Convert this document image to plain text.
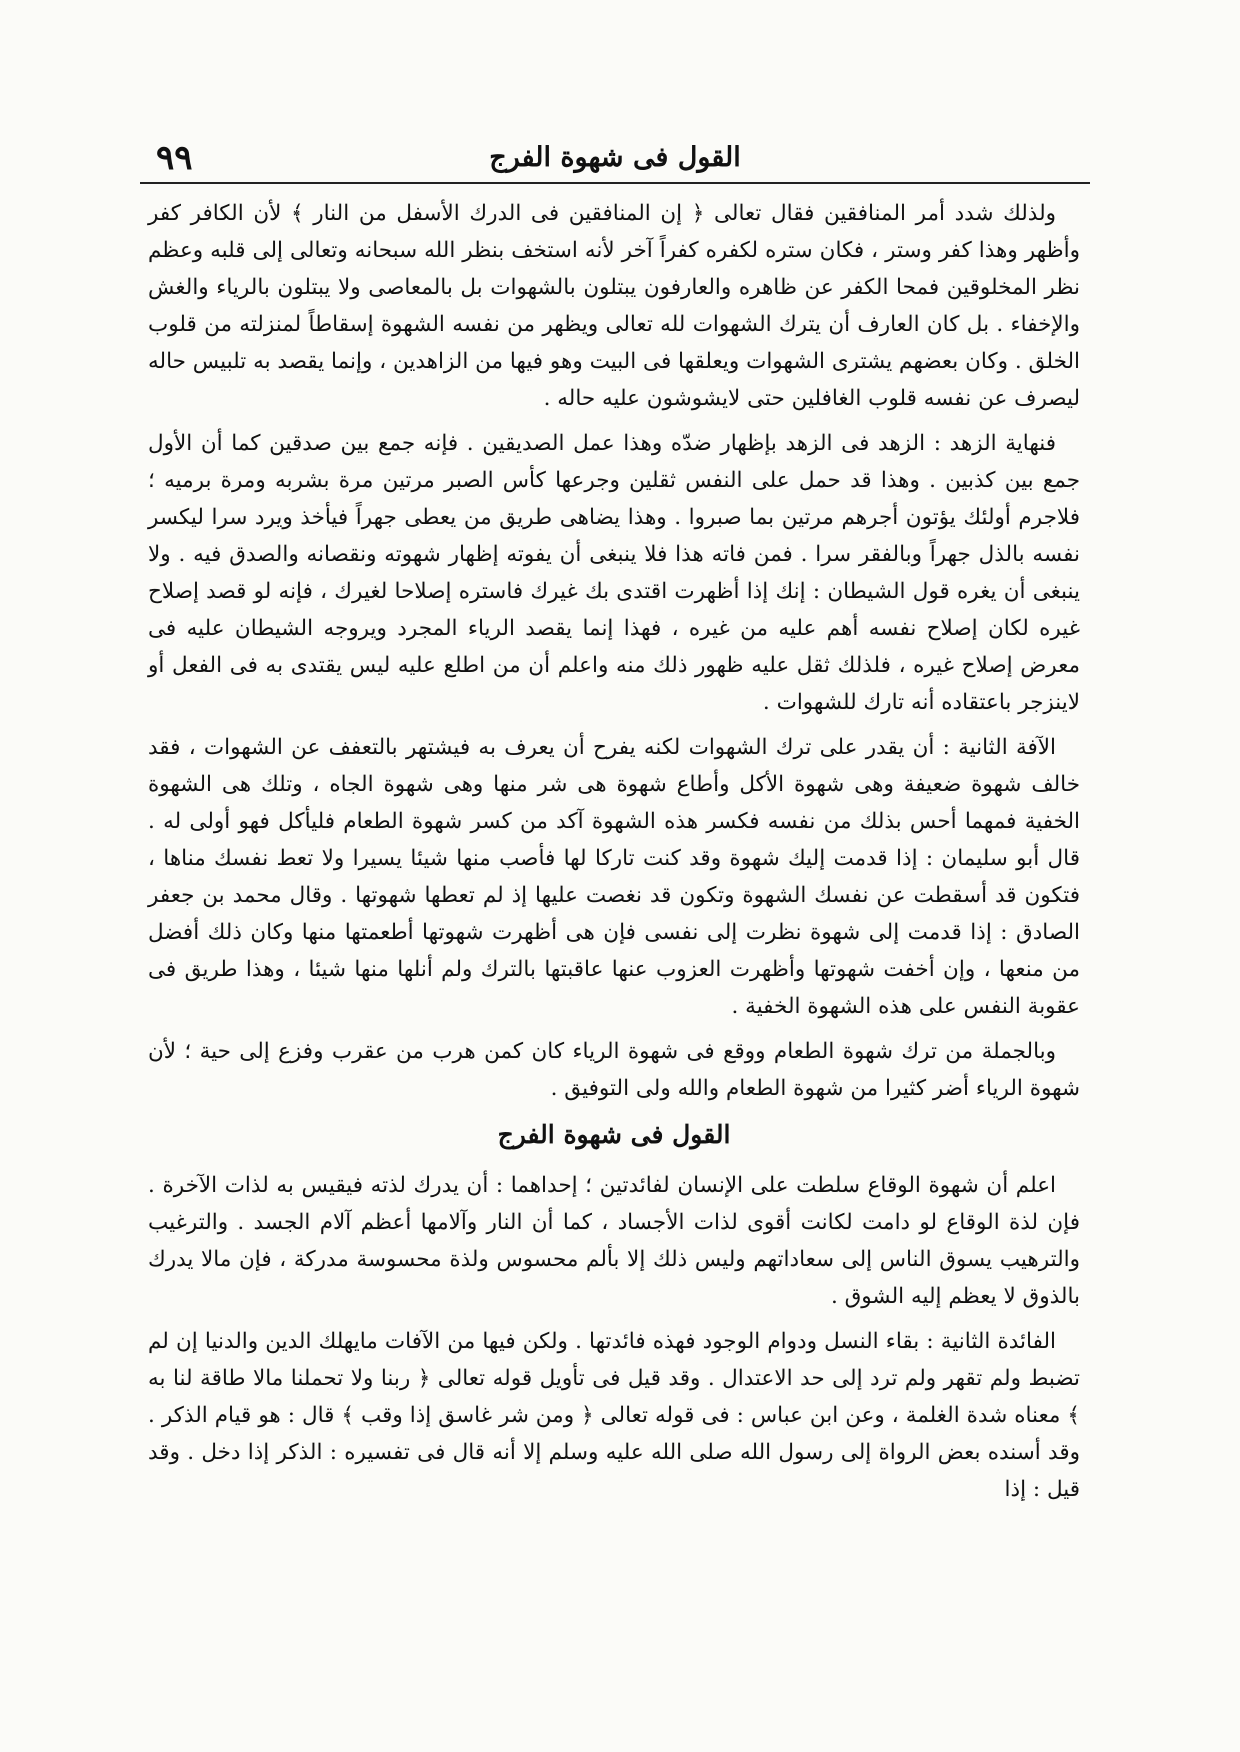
القول فى شهوة الفرج
٩٩

ولذلك شدد أمر المنافقين فقال تعالى ﴿ إن المنافقين فى الدرك الأسفل من النار ﴾ لأن الكافر كفر وأظهر وهذا كفر وستر ، فكان ستره لكفره كفراً آخر لأنه استخف بنظر الله سبحانه وتعالى إلى قلبه وعظم نظر المخلوقين فمحا الكفر عن ظاهره والعارفون يبتلون بالشهوات بل بالمعاصى ولا يبتلون بالرياء والغش والإخفاء . بل كان العارف أن يترك الشهوات لله تعالى ويظهر من نفسه الشهوة إسقاطاً لمنزلته من قلوب الخلق . وكان بعضهم يشترى الشهوات ويعلقها فى البيت وهو فيها من الزاهدين ، وإنما يقصد به تلبيس حاله ليصرف عن نفسه قلوب الغافلين حتى لايشوشون عليه حاله .

فنهاية الزهد : الزهد فى الزهد بإظهار ضدّه وهذا عمل الصديقين . فإنه جمع بين صدقين كما أن الأول جمع بين كذبين . وهذا قد حمل على النفس ثقلين وجرعها كأس الصبر مرتين مرة بشربه ومرة برميه ؛ فلاجرم أولئك يؤتون أجرهم مرتين بما صبروا . وهذا يضاهى طريق من يعطى جهراً فيأخذ ويرد سرا ليكسر نفسه بالذل جهراً وبالفقر سرا . فمن فاته هذا فلا ينبغى أن يفوته إظهار شهوته ونقصانه والصدق فيه . ولا ينبغى أن يغره قول الشيطان : إنك إذا أظهرت اقتدى بك غيرك فاستره إصلاحا لغيرك ، فإنه لو قصد إصلاح غيره لكان إصلاح نفسه أهم عليه من غيره ، فهذا إنما يقصد الرياء المجرد ويروجه الشيطان عليه فى معرض إصلاح غيره ، فلذلك ثقل عليه ظهور ذلك منه واعلم أن من اطلع عليه ليس يقتدى به فى الفعل أو لاينزجر باعتقاده أنه تارك للشهوات .

الآفة الثانية : أن يقدر على ترك الشهوات لكنه يفرح أن يعرف به فيشتهر بالتعفف عن الشهوات ، فقد خالف شهوة ضعيفة وهى شهوة الأكل وأطاع شهوة هى شر منها وهى شهوة الجاه ، وتلك هى الشهوة الخفية فمهما أحس بذلك من نفسه فكسر هذه الشهوة آكد من كسر شهوة الطعام فليأكل فهو أولى له . قال أبو سليمان : إذا قدمت إليك شهوة وقد كنت تاركا لها فأصب منها شيئا يسيرا ولا تعط نفسك مناها ، فتكون قد أسقطت عن نفسك الشهوة وتكون قد نغصت عليها إذ لم تعطها شهوتها . وقال محمد بن جعفر الصادق : إذا قدمت إلى شهوة نظرت إلى نفسى فإن هى أظهرت شهوتها أطعمتها منها وكان ذلك أفضل من منعها ، وإن أخفت شهوتها وأظهرت العزوب عنها عاقبتها بالترك ولم أنلها منها شيئا ، وهذا طريق فى عقوبة النفس على هذه الشهوة الخفية .

وبالجملة من ترك شهوة الطعام ووقع فى شهوة الرياء كان كمن هرب من عقرب وفزع إلى حية ؛ لأن شهوة الرياء أضر كثيرا من شهوة الطعام والله ولى التوفيق .

القول فى شهوة الفرج

اعلم أن شهوة الوقاع سلطت على الإنسان لفائدتين ؛ إحداهما : أن يدرك لذته فيقيس به لذات الآخرة . فإن لذة الوقاع لو دامت لكانت أقوى لذات الأجساد ، كما أن النار وآلامها أعظم آلام الجسد . والترغيب والترهيب يسوق الناس إلى سعاداتهم وليس ذلك إلا بألم محسوس ولذة محسوسة مدركة ، فإن مالا يدرك بالذوق لا يعظم إليه الشوق .

الفائدة الثانية : بقاء النسل ودوام الوجود فهذه فائدتها . ولكن فيها من الآفات مايهلك الدين والدنيا إن لم تضبط ولم تقهر ولم ترد إلى حد الاعتدال . وقد قيل فى تأويل قوله تعالى ﴿ ربنا ولا تحملنا مالا طاقة لنا به ﴾ معناه شدة الغلمة ، وعن ابن عباس : فى قوله تعالى ﴿ ومن شر غاسق إذا وقب ﴾ قال : هو قيام الذكر . وقد أسنده بعض الرواة إلى رسول الله صلى الله عليه وسلم إلا أنه قال فى تفسيره : الذكر إذا دخل . وقد قيل : إذا
